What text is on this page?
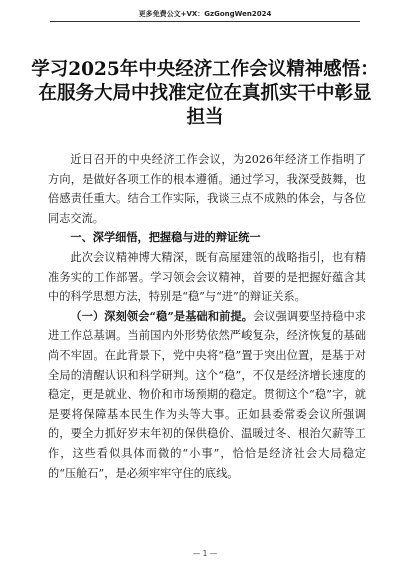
更多免费公文+VX：GzGongWen2024
学习2025年中央经济工作会议精神感悟：
在服务大局中找准定位在真抓实干中彰显
担当

近日召开的中央经济工作会议，为2026年经济工作指明了方向，是做好各项工作的根本遵循。通过学习，我深受鼓舞，也倍感责任重大。结合工作实际，我谈三点不成熟的体会，与各位同志交流。

一、深学细悟，把握稳与进的辩证统一

此次会议精神博大精深，既有高屋建瓴的战略指引，也有精准务实的工作部署。学习领会会议精神，首要的是把握好蕴含其中的科学思想方法，特别是“稳”与“进”的辩证关系。

（一）深刻领会“稳”是基础和前提。会议强调要坚持稳中求进工作总基调。当前国内外形势依然严峻复杂，经济恢复的基础尚不牢固。在此背景下，党中央将“稳”置于突出位置，是基于对全局的清醒认识和科学研判。这个“稳”，不仅是经济增长速度的稳定，更是就业、物价和市场预期的稳定。贯彻这个“稳”字，就是要将保障基本民生作为头等大事。正如县委常委会议所强调的，要全力抓好岁末年初的保供稳价、温暖过冬、根治欠薪等工作，这些看似具体而微的“小事”，恰恰是经济社会大局稳定的“压舱石”，是必须牢牢守住的底线。

— 1 —
